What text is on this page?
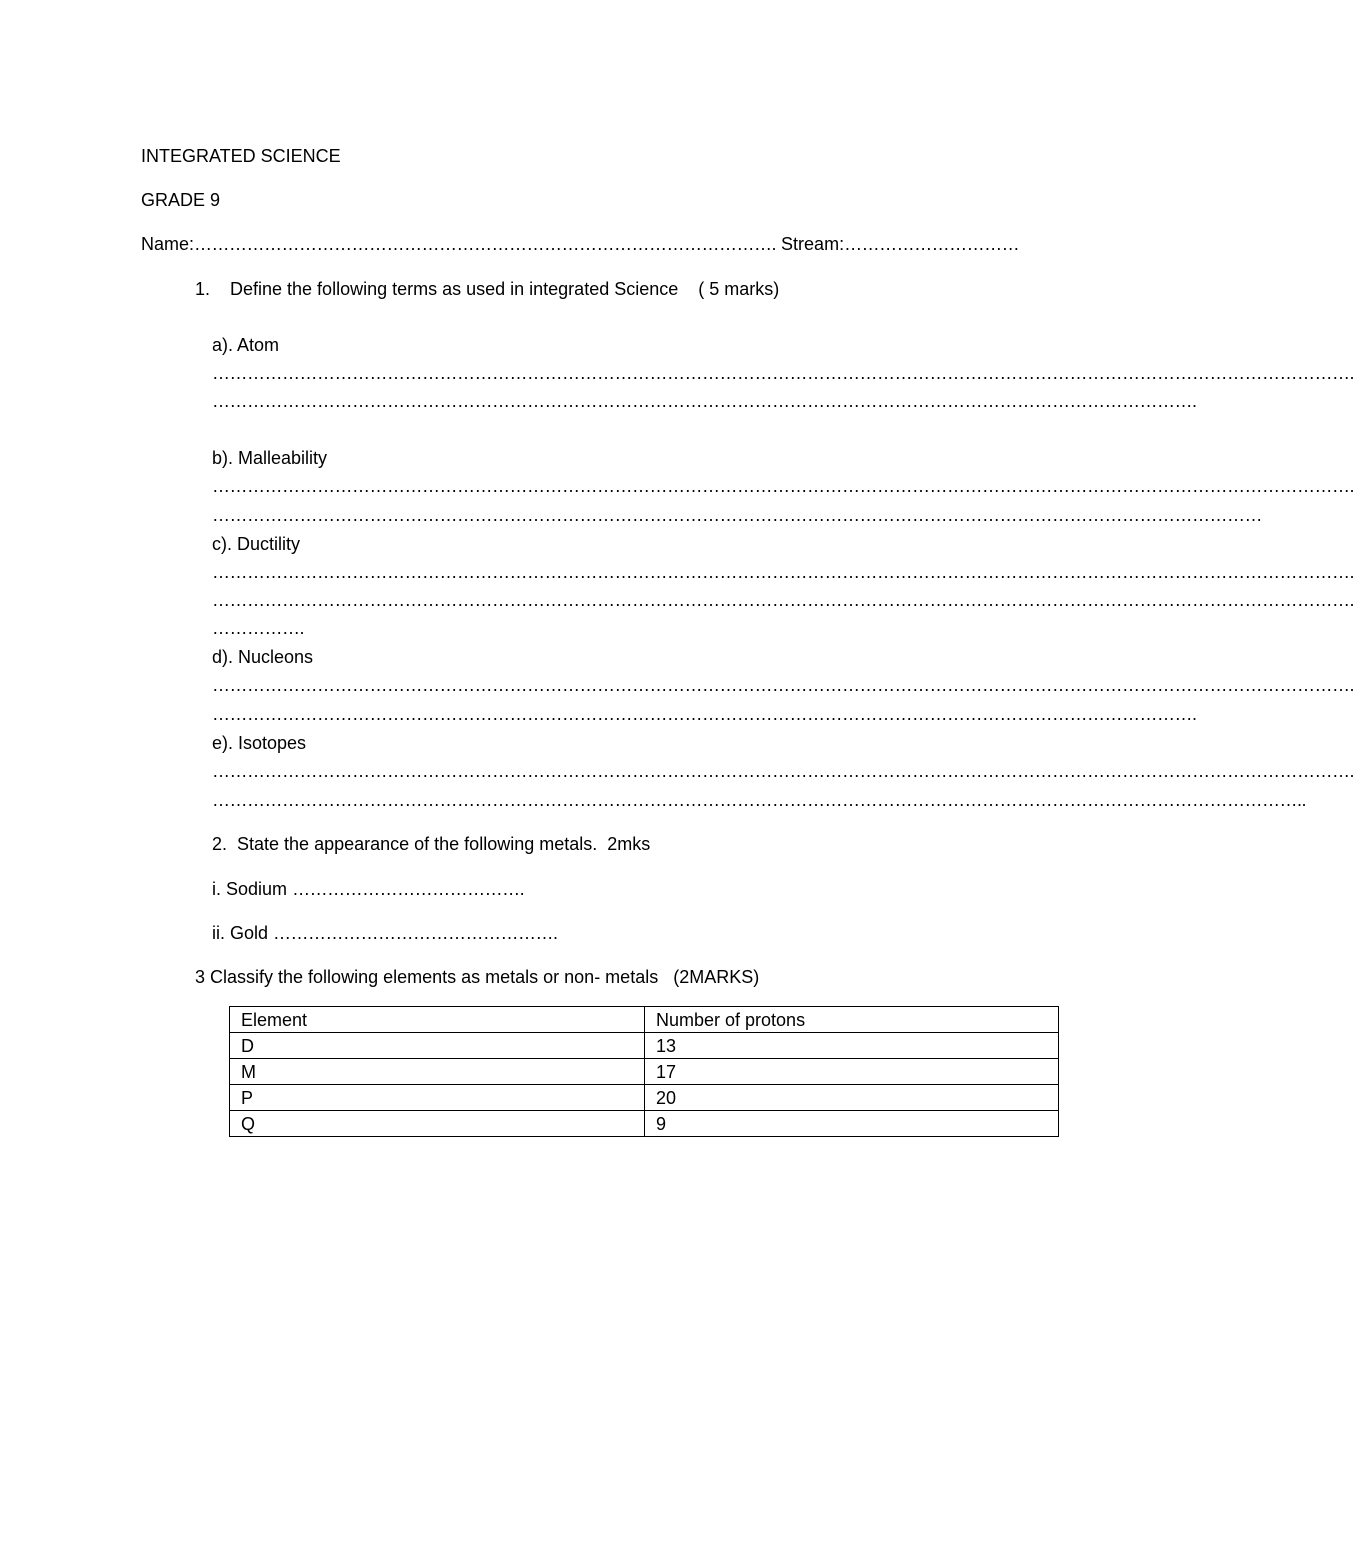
INTEGRATED SCIENCE
GRADE 9
Name:………………………………………………………………………………………. Stream:…………………………
1. Define the following terms as used in integrated Science    ( 5 marks)
a). Atom
…………………………………………………………………………………………………………………………………………………………………………….
…………………………………………………………………………………………………………………………………………………….
b). Malleability
…………………………………………………………………………………………………………………………………………………………………………….
………………………………………………………………………………………………………………………………………………………………
c). Ductility
…………………………………………………………………………………………………………………………………………………………………………….
…………………………………………………………………………………………………………………………………………………………………………….
…………….
d). Nucleons
…………………………………………………………………………………………………………………………………………………………………………….
…………………………………………………………………………………………………………………………………………………….
e). Isotopes
…………………………………………………………………………………………………………………………………………………………………………….
……………………………………………………………………………………………………………………………………………………………………..
2.  State the appearance of the following metals.  2mks
i. Sodium ………………………………….
ii. Gold ………………………………………….
3 Classify the following elements as metals or non- metals   (2MARKS)
Element	Number of protons
D	13
M	17
P	20
Q	9
